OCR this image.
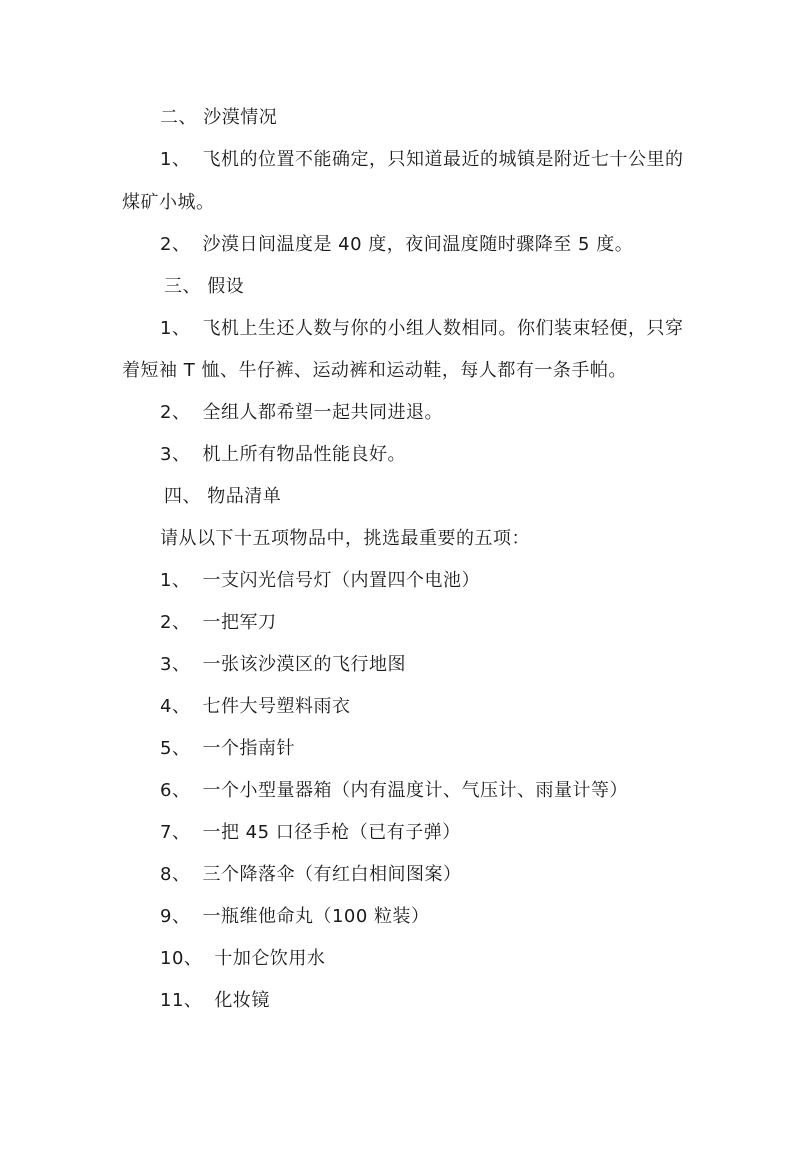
二、 沙漠情况
1、 飞机的位置不能确定，只知道最近的城镇是附近七十公里的
煤矿小城。
2、 沙漠日间温度是 40 度，夜间温度随时骤降至 5 度。
三、 假设
1、 飞机上生还人数与你的小组人数相同。你们装束轻便，只穿
着短袖 T 恤、牛仔裤、运动裤和运动鞋，每人都有一条手帕。
2、 全组人都希望一起共同进退。
3、 机上所有物品性能良好。
四、 物品清单
请从以下十五项物品中，挑选最重要的五项：
1、 一支闪光信号灯（内置四个电池）
2、 一把军刀
3、 一张该沙漠区的飞行地图
4、 七件大号塑料雨衣
5、 一个指南针
6、 一个小型量器箱（内有温度计、气压计、雨量计等）
7、 一把 45 口径手枪（已有子弹）
8、 三个降落伞（有红白相间图案）
9、 一瓶维他命丸（100 粒装）
10、 十加仑饮用水
11、 化妆镜
